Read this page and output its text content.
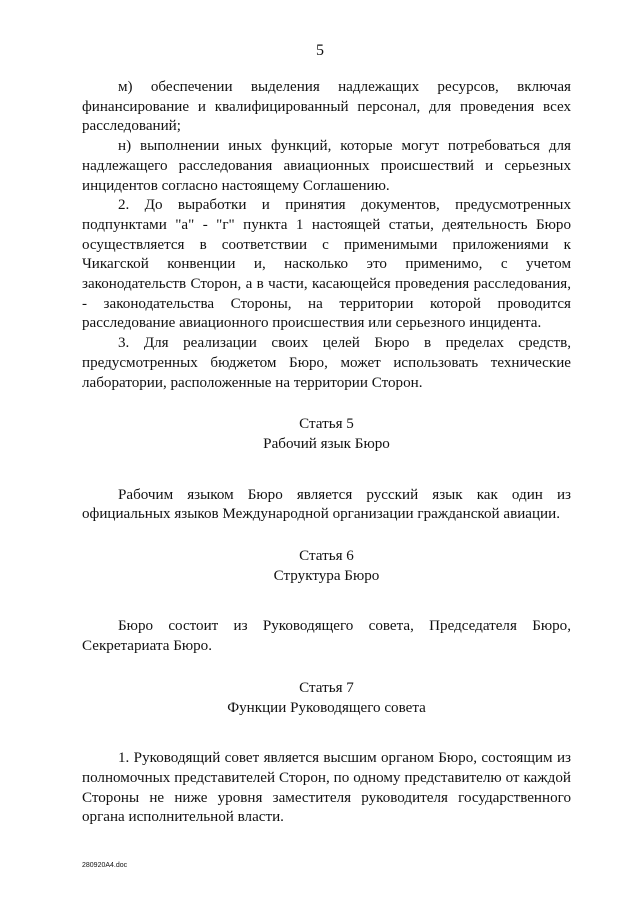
5

м) обеспечении выделения надлежащих ресурсов, включая финансирование и квалифицированный персонал, для проведения всех расследований;

н) выполнении иных функций, которые могут потребоваться для надлежащего расследования авиационных происшествий и серьезных инцидентов согласно настоящему Соглашению.

2. До выработки и принятия документов, предусмотренных подпунктами "а" - "г" пункта 1 настоящей статьи, деятельность Бюро осуществляется в соответствии с применимыми приложениями к Чикагской конвенции и, насколько это применимо, с учетом законодательств Сторон, а в части, касающейся проведения расследования, - законодательства Стороны, на территории которой проводится расследование авиационного происшествия или серьезного инцидента.

3. Для реализации своих целей Бюро в пределах средств, предусмотренных бюджетом Бюро, может использовать технические лаборатории, расположенные на территории Сторон.

Статья 5

Рабочий язык Бюро

Рабочим языком Бюро является русский язык как один из официальных языков Международной организации гражданской авиации.

Статья 6

Структура Бюро

Бюро состоит из Руководящего совета, Председателя Бюро, Секретариата Бюро.

Статья 7

Функции Руководящего совета

1. Руководящий совет является высшим органом Бюро, состоящим из полномочных представителей Сторон, по одному представителю от каждой Стороны не ниже уровня заместителя руководителя государственного органа исполнительной власти.

280920A4.doc
